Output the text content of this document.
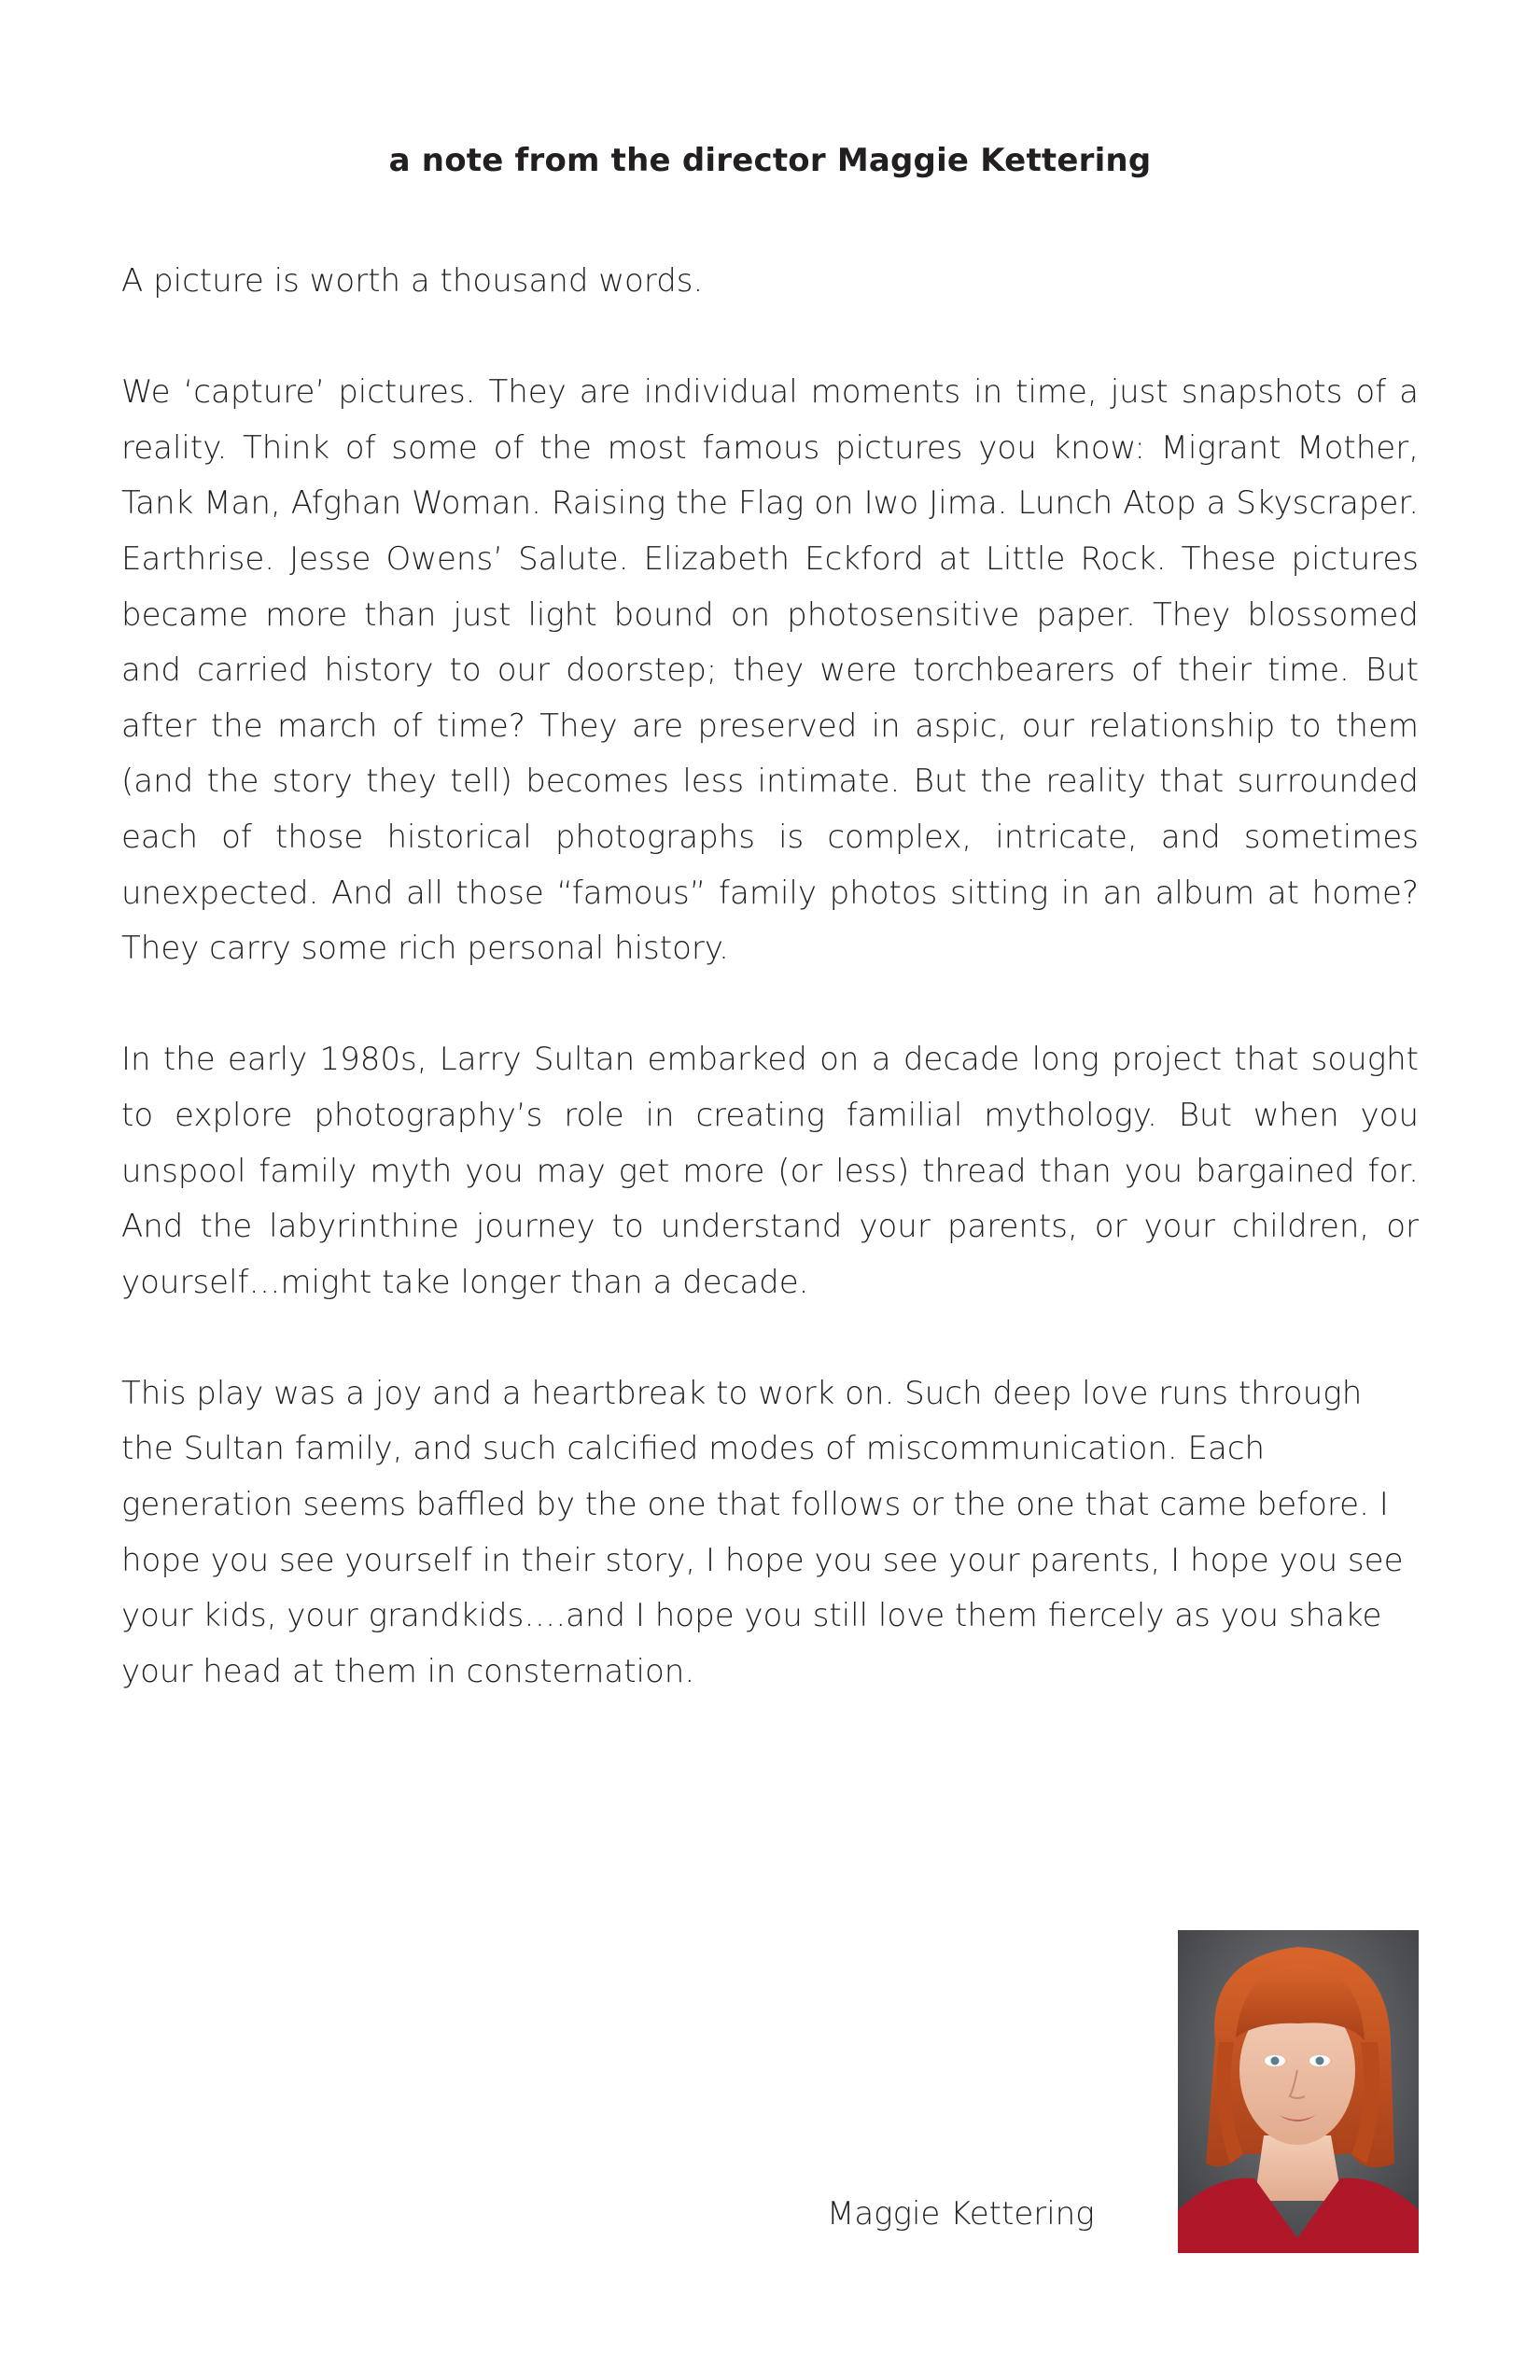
a note from the director Maggie Kettering

A picture is worth a thousand words.

We ‘capture’ pictures. They are individual moments in time, just snapshots of a reality. Think of some of the most famous pictures you know: Migrant Mother, Tank Man, Afghan Woman. Raising the Flag on Iwo Jima. Lunch Atop a Skyscraper. Earthrise. Jesse Owens’ Salute. Elizabeth Eckford at Little Rock. These pictures became more than just light bound on photosensitive paper. They blossomed and carried history to our doorstep; they were torchbearers of their time. But after the march of time? They are preserved in aspic, our relationship to them (and the story they tell) becomes less intimate. But the reality that surrounded each of those historical photographs is complex, intricate, and sometimes unexpected. And all those “famous” family photos sitting in an album at home? They carry some rich personal history.

In the early 1980s, Larry Sultan embarked on a decade long project that sought to explore photography’s role in creating familial mythology. But when you unspool family myth you may get more (or less) thread than you bargained for. And the labyrinthine journey to understand your parents, or your children, or yourself…might take longer than a decade.

This play was a joy and a heartbreak to work on. Such deep love runs through the Sultan family, and such calcified modes of miscommunication. Each generation seems baffled by the one that follows or the one that came before. I hope you see yourself in their story, I hope you see your parents, I hope you see your kids, your grandkids….and I hope you still love them fiercely as you shake your head at them in consternation.

Maggie Kettering
